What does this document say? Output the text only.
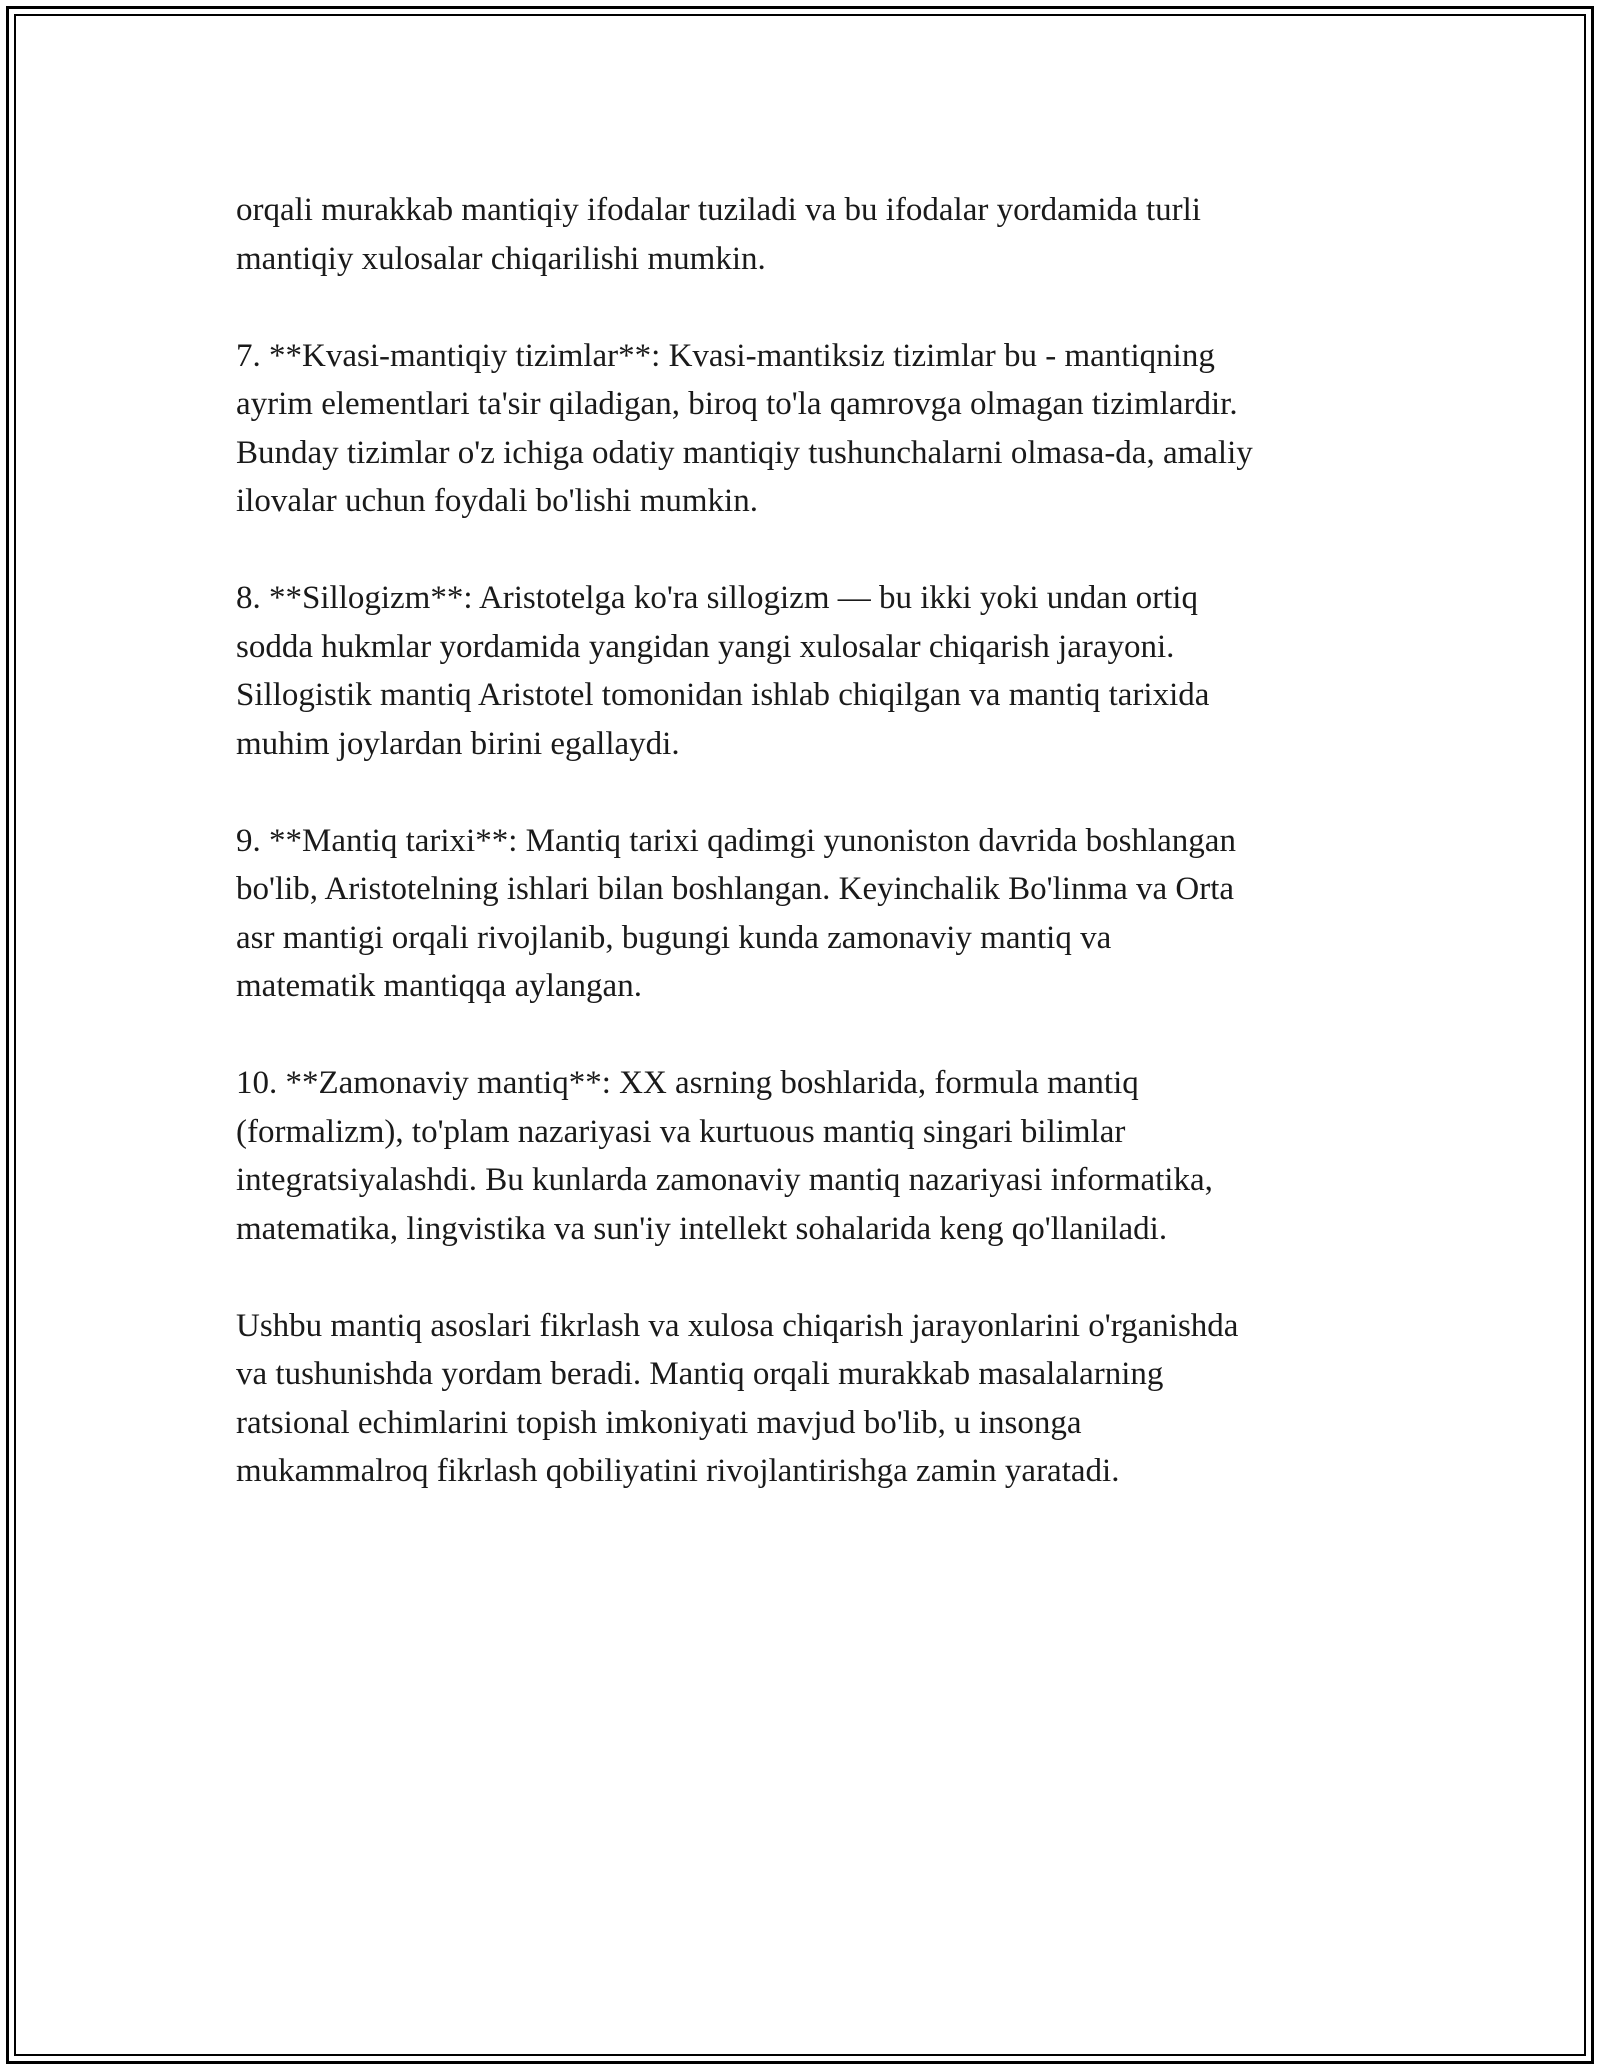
orqali murakkab mantiqiy ifodalar tuziladi va bu ifodalar yordamida turli
mantiqiy xulosalar chiqarilishi mumkin.

7. **Kvasi-mantiqiy tizimlar**: Kvasi-mantiksiz tizimlar bu - mantiqning
ayrim elementlari ta'sir qiladigan, biroq to'la qamrovga olmagan tizimlardir.
Bunday tizimlar o'z ichiga odatiy mantiqiy tushunchalarni olmasa-da, amaliy
ilovalar uchun foydali bo'lishi mumkin.

8. **Sillogizm**: Aristotelga ko'ra sillogizm — bu ikki yoki undan ortiq
sodda hukmlar yordamida yangidan yangi xulosalar chiqarish jarayoni.
Sillogistik mantiq Aristotel tomonidan ishlab chiqilgan va mantiq tarixida
muhim joylardan birini egallaydi.

9. **Mantiq tarixi**: Mantiq tarixi qadimgi yunoniston davrida boshlangan
bo'lib, Aristotelning ishlari bilan boshlangan. Keyinchalik Bo'linma va Orta
asr mantigi orqali rivojlanib, bugungi kunda zamonaviy mantiq va
matematik mantiqqa aylangan.

10. **Zamonaviy mantiq**: XX asrning boshlarida, formula mantiq
(formalizm), to'plam nazariyasi va kurtuous mantiq singari bilimlar
integratsiyalashdi. Bu kunlarda zamonaviy mantiq nazariyasi informatika,
matematika, lingvistika va sun'iy intellekt sohalarida keng qo'llaniladi.

Ushbu mantiq asoslari fikrlash va xulosa chiqarish jarayonlarini o'rganishda
va tushunishda yordam beradi. Mantiq orqali murakkab masalalarning
ratsional echimlarini topish imkoniyati mavjud bo'lib, u insonga
mukammalroq fikrlash qobiliyatini rivojlantirishga zamin yaratadi.
